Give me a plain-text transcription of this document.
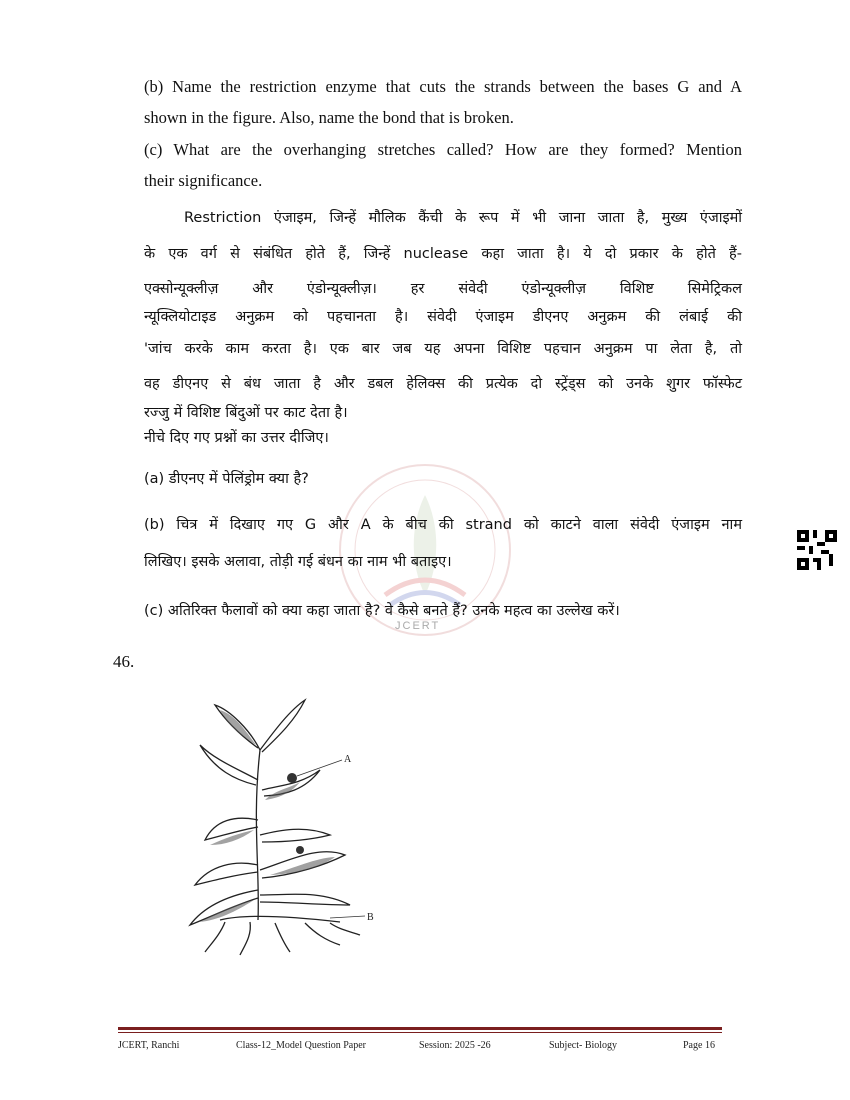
(b) Name the restriction enzyme that cuts the strands between the bases G and A
shown in the figure. Also, name the bond that is broken.
(c) What are the overhanging stretches called? How are they formed? Mention
their significance.
Restriction एंजाइम, जिन्हें मौलिक कैंची के रूप में भी जाना जाता है, मुख्य एंजाइमों
के एक वर्ग से संबंधित होते हैं, जिन्हें nuclease कहा जाता है। ये दो प्रकार के होते हैं-
एक्सोन्यूक्लीज़ और एंडोन्यूक्लीज़। हर संवेदी एंडोन्यूक्लीज़ विशिष्ट सिमेट्रिकल
न्यूक्लियोटाइड अनुक्रम को पहचानता है। संवेदी एंजाइम डीएनए अनुक्रम की लंबाई की
'जांच करके काम करता है। एक बार जब यह अपना विशिष्ट पहचान अनुक्रम पा लेता है, तो
वह डीएनए से बंध जाता है और डबल हेलिक्स की प्रत्येक दो स्ट्रेंड्स को उनके शुगर फॉस्फेट
रज्जु में विशिष्ट बिंदुओं पर काट देता है।
नीचे दिए गए प्रश्नों का उत्तर दीजिए।
JCERT
(a) डीएनए में पेलिंड्रोम क्या है?
(b) चित्र में दिखाए गए G और A के बीच की strand को काटने वाला संवेदी एंजाइम नाम
लिखिए। इसके अलावा, तोड़ी गई बंधन का नाम भी बताइए।
(c) अतिरिक्त फैलावों को क्या कहा जाता है? वे कैसे बनते हैं? उनके महत्व का उल्लेख करें।
46.
A
B
JCERT, Ranchi	Class-12_Model Question Paper	Session: 2025 -26	Subject- Biology	Page 16
